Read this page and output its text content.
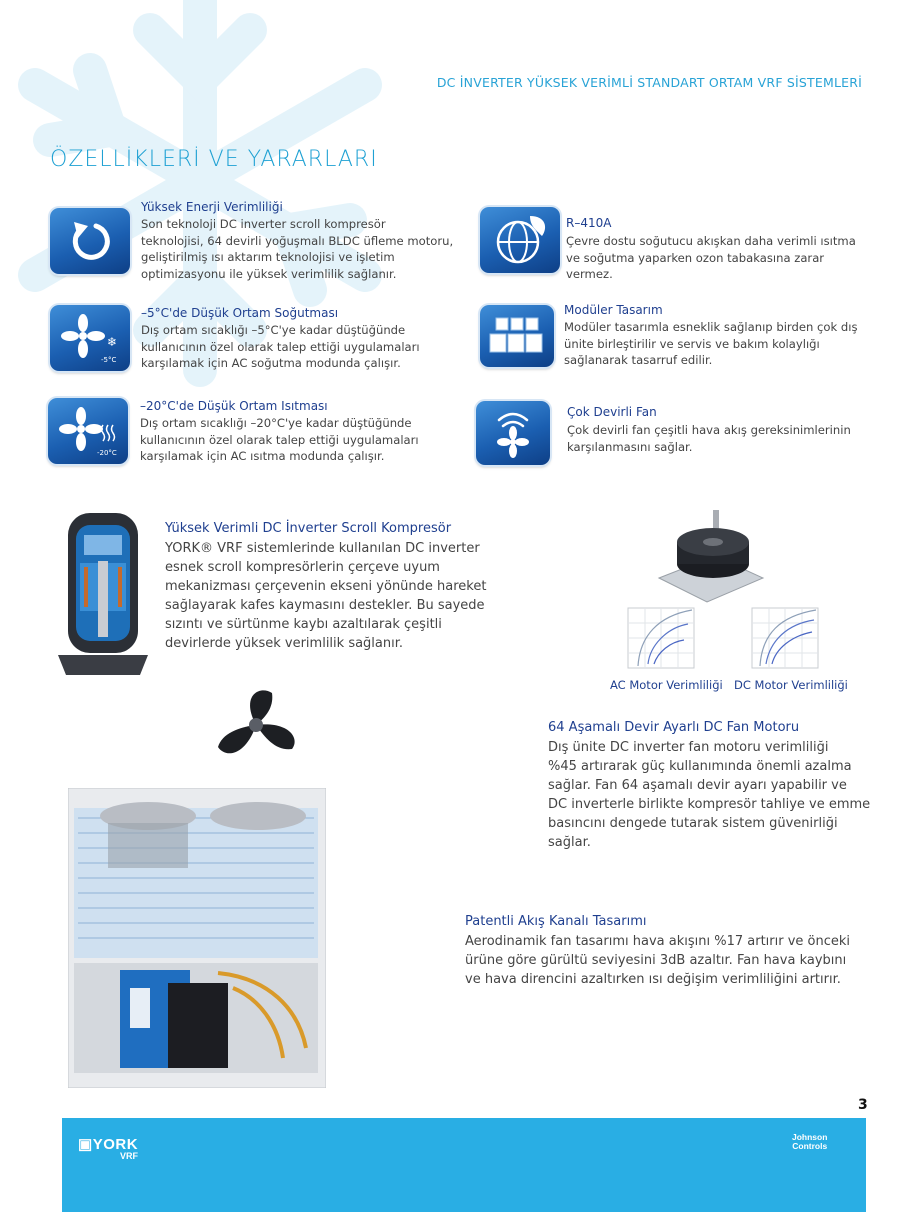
DC İNVERTER YÜKSEK VERİMLİ STANDART ORTAM VRF SİSTEMLERİ
ÖZELLİKLERİ VE YARARLARI
Yüksek Enerji Verimliliği
Son teknoloji DC inverter scroll kompresör
teknolojisi, 64 devirli yoğuşmalı BLDC üfleme motoru,
geliştirilmiş ısı aktarım teknolojisi ve işletim
optimizasyonu ile yüksek verimlilik sağlanır.
R–410A
Çevre dostu soğutucu akışkan daha verimli ısıtma
ve soğutma yaparken ozon tabakasına zarar
vermez.
❄
-5°C
–5°C'de Düşük Ortam Soğutması
Dış ortam sıcaklığı –5°C'ye kadar düştüğünde
kullanıcının özel olarak talep ettiği uygulamaları
karşılamak için AC soğutma modunda çalışır.
Modüler Tasarım
Modüler tasarımla esneklik sağlanıp birden çok dış
ünite birleştirilir ve servis ve bakım kolaylığı
sağlanarak tasarruf edilir.
-20°C
–20°C'de Düşük Ortam Isıtması
Dış ortam sıcaklığı –20°C'ye kadar düştüğünde
kullanıcının özel olarak talep ettiği uygulamaları
karşılamak için AC ısıtma modunda çalışır.
Çok Devirli Fan
Çok devirli fan çeşitli hava akış gereksinimlerinin
karşılanmasını sağlar.
Yüksek Verimli DC İnverter Scroll Kompresör
YORK® VRF sistemlerinde kullanılan DC inverter
esnek scroll kompresörlerin çerçeve uyum
mekanizması çerçevenin ekseni yönünde hareket
sağlayarak kafes kaymasını destekler. Bu sayede
sızıntı ve sürtünme kaybı azaltılarak çeşitli
devirlerde yüksek verimlilik sağlanır.
AC Motor Verimliliği DC Motor Verimliliği
64 Aşamalı Devir Ayarlı DC Fan Motoru
Dış ünite DC inverter fan motoru verimliliği
%45 artırarak güç kullanımında önemli azalma
sağlar. Fan 64 aşamalı devir ayarı yapabilir ve
DC inverterle birlikte kompresör tahliye ve emme
basıncını dengede tutarak sistem güvenirliği
sağlar.
Patentli Akış Kanalı Tasarımı
Aerodinamik fan tasarımı hava akışını %17 artırır ve önceki
ürüne göre gürültü seviyesini 3dB azaltır. Fan hava kaybını
ve hava direncini azaltırken ısı değişim verimliliğini artırır.
3
▣YORK
VRF
Johnson
Controls
